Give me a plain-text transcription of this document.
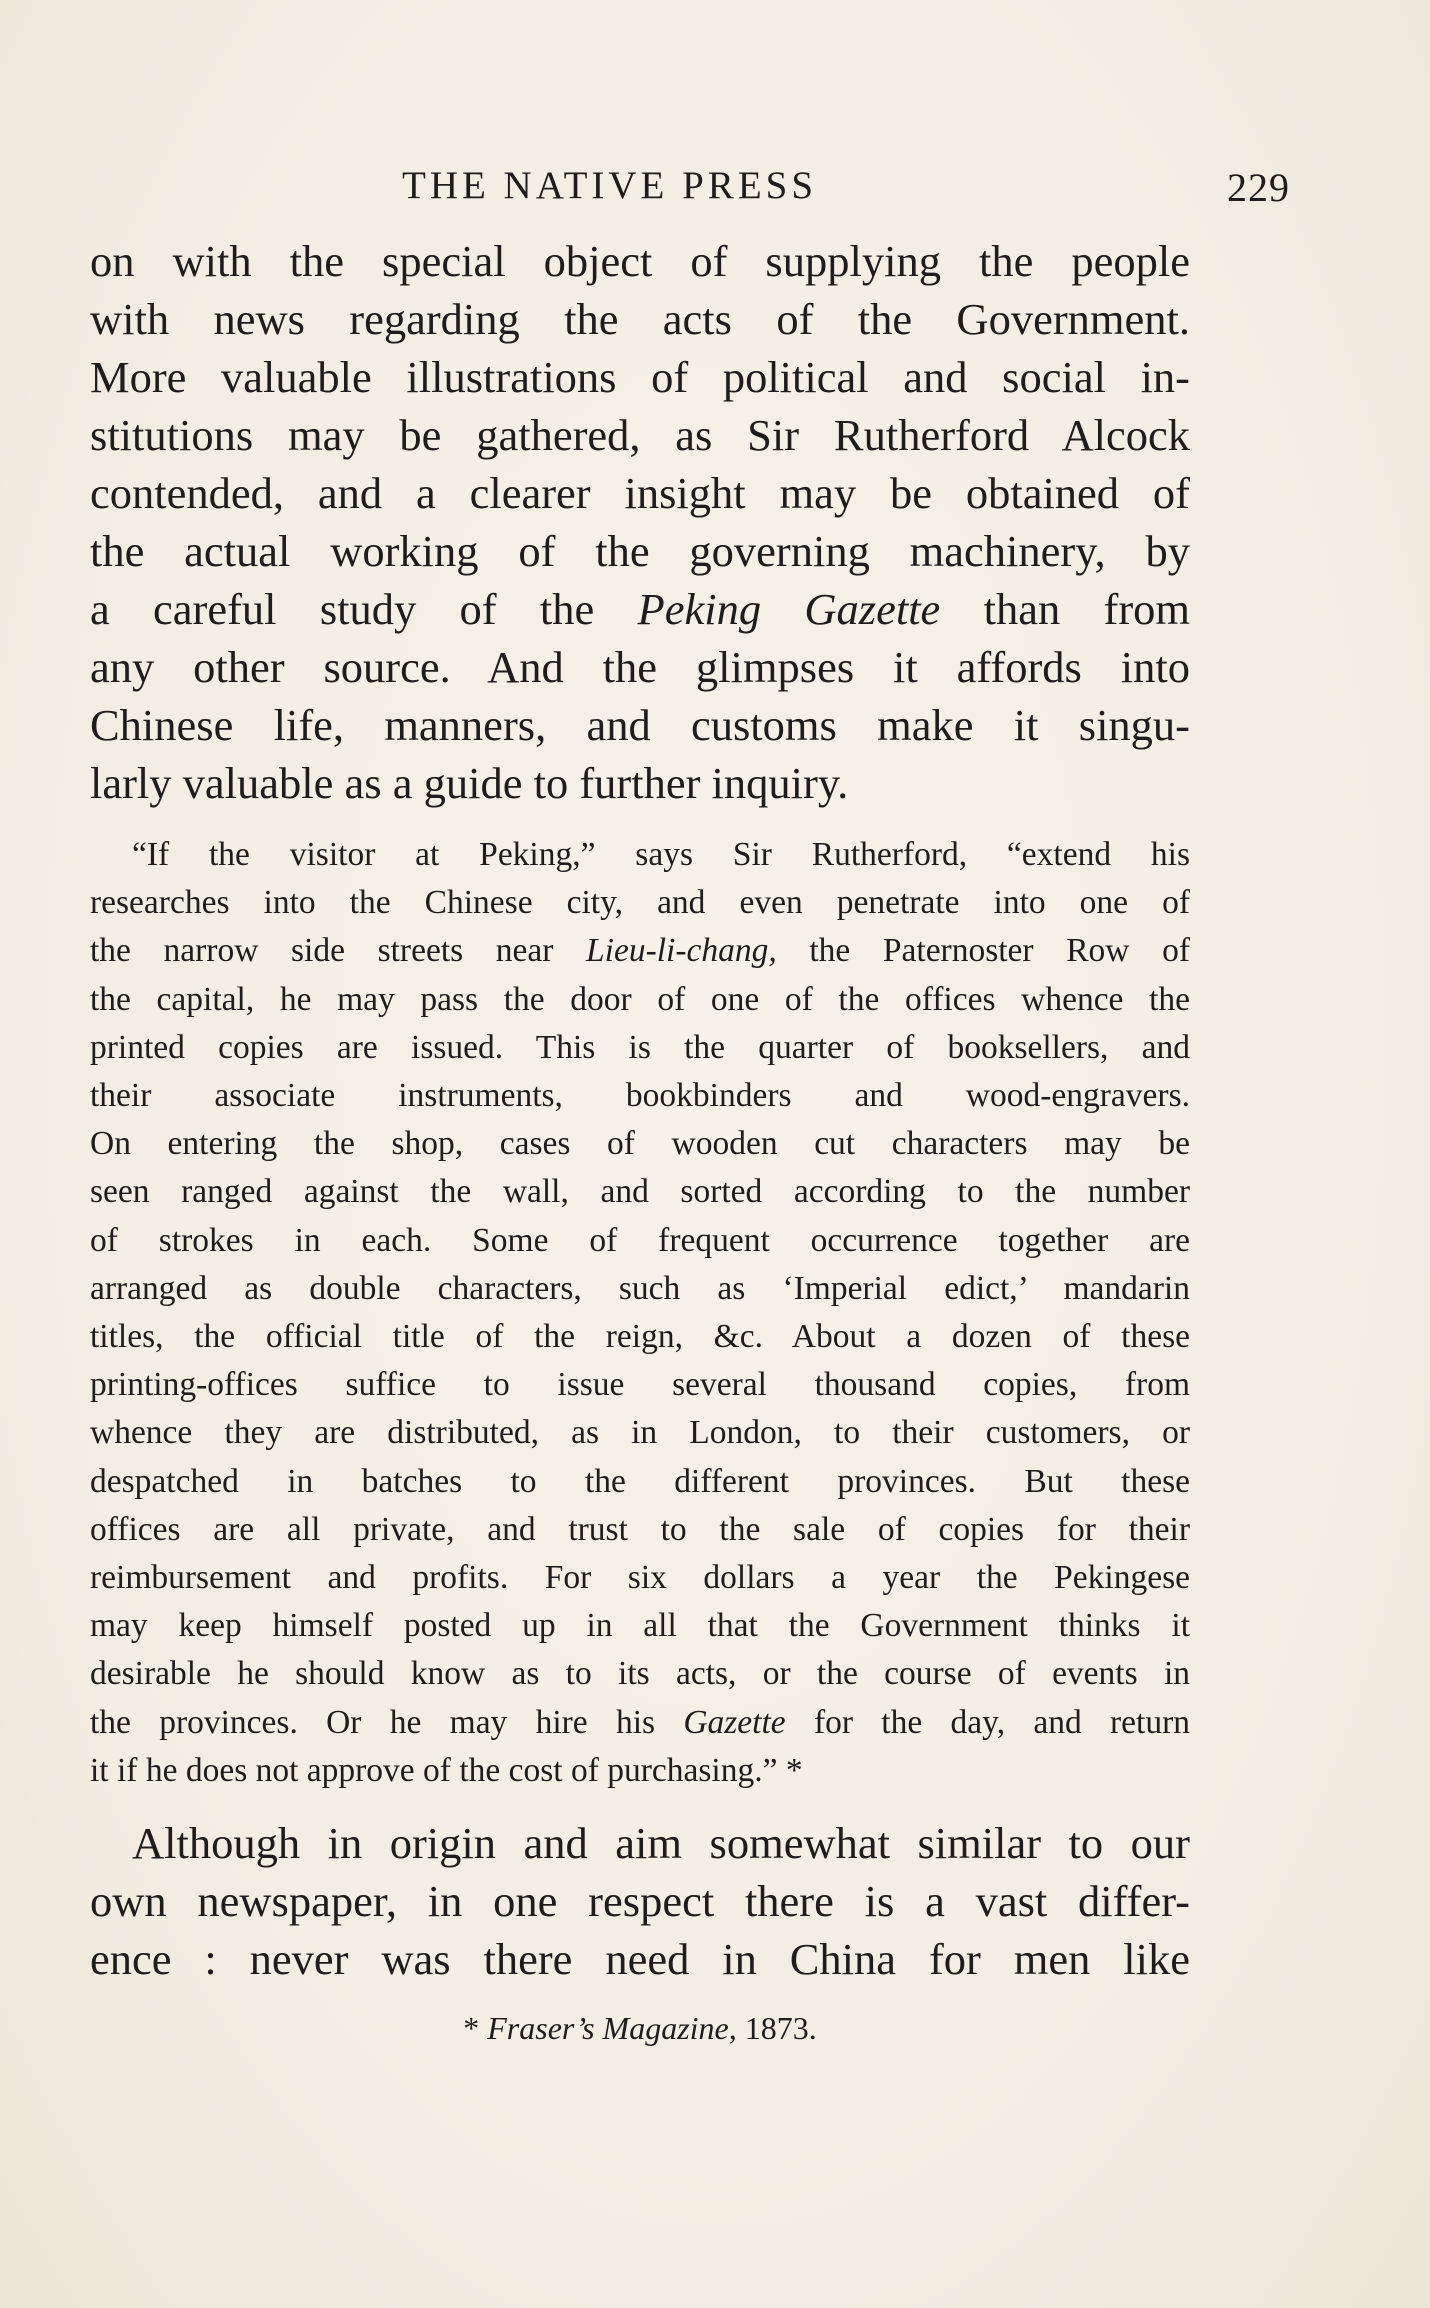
THE NATIVE PRESS	229

on with the special object of supplying the people
with news regarding the acts of the Government.
More valuable illustrations of political and social in-
stitutions may be gathered, as Sir Rutherford Alcock
contended, and a clearer insight may be obtained of
the actual working of the governing machinery, by
a careful study of the Peking Gazette than from
any other source. And the glimpses it affords into
Chinese life, manners, and customs make it singu-
larly valuable as a guide to further inquiry.

“If the visitor at Peking,” says Sir Rutherford, “extend his
researches into the Chinese city, and even penetrate into one of
the narrow side streets near Lieu-li-chang, the Paternoster Row of
the capital, he may pass the door of one of the offices whence the
printed copies are issued. This is the quarter of booksellers, and
their associate instruments, bookbinders and wood-engravers.
On entering the shop, cases of wooden cut characters may be
seen ranged against the wall, and sorted according to the number
of strokes in each. Some of frequent occurrence together are
arranged as double characters, such as ‘Imperial edict,’ mandarin
titles, the official title of the reign, &c. About a dozen of these
printing-offices suffice to issue several thousand copies, from
whence they are distributed, as in London, to their customers, or
despatched in batches to the different provinces. But these
offices are all private, and trust to the sale of copies for their
reimbursement and profits. For six dollars a year the Pekingese
may keep himself posted up in all that the Government thinks it
desirable he should know as to its acts, or the course of events in
the provinces. Or he may hire his Gazette for the day, and return
it if he does not approve of the cost of purchasing.” *

Although in origin and aim somewhat similar to our
own newspaper, in one respect there is a vast differ-
ence : never was there need in China for men like

* Fraser’s Magazine, 1873.
